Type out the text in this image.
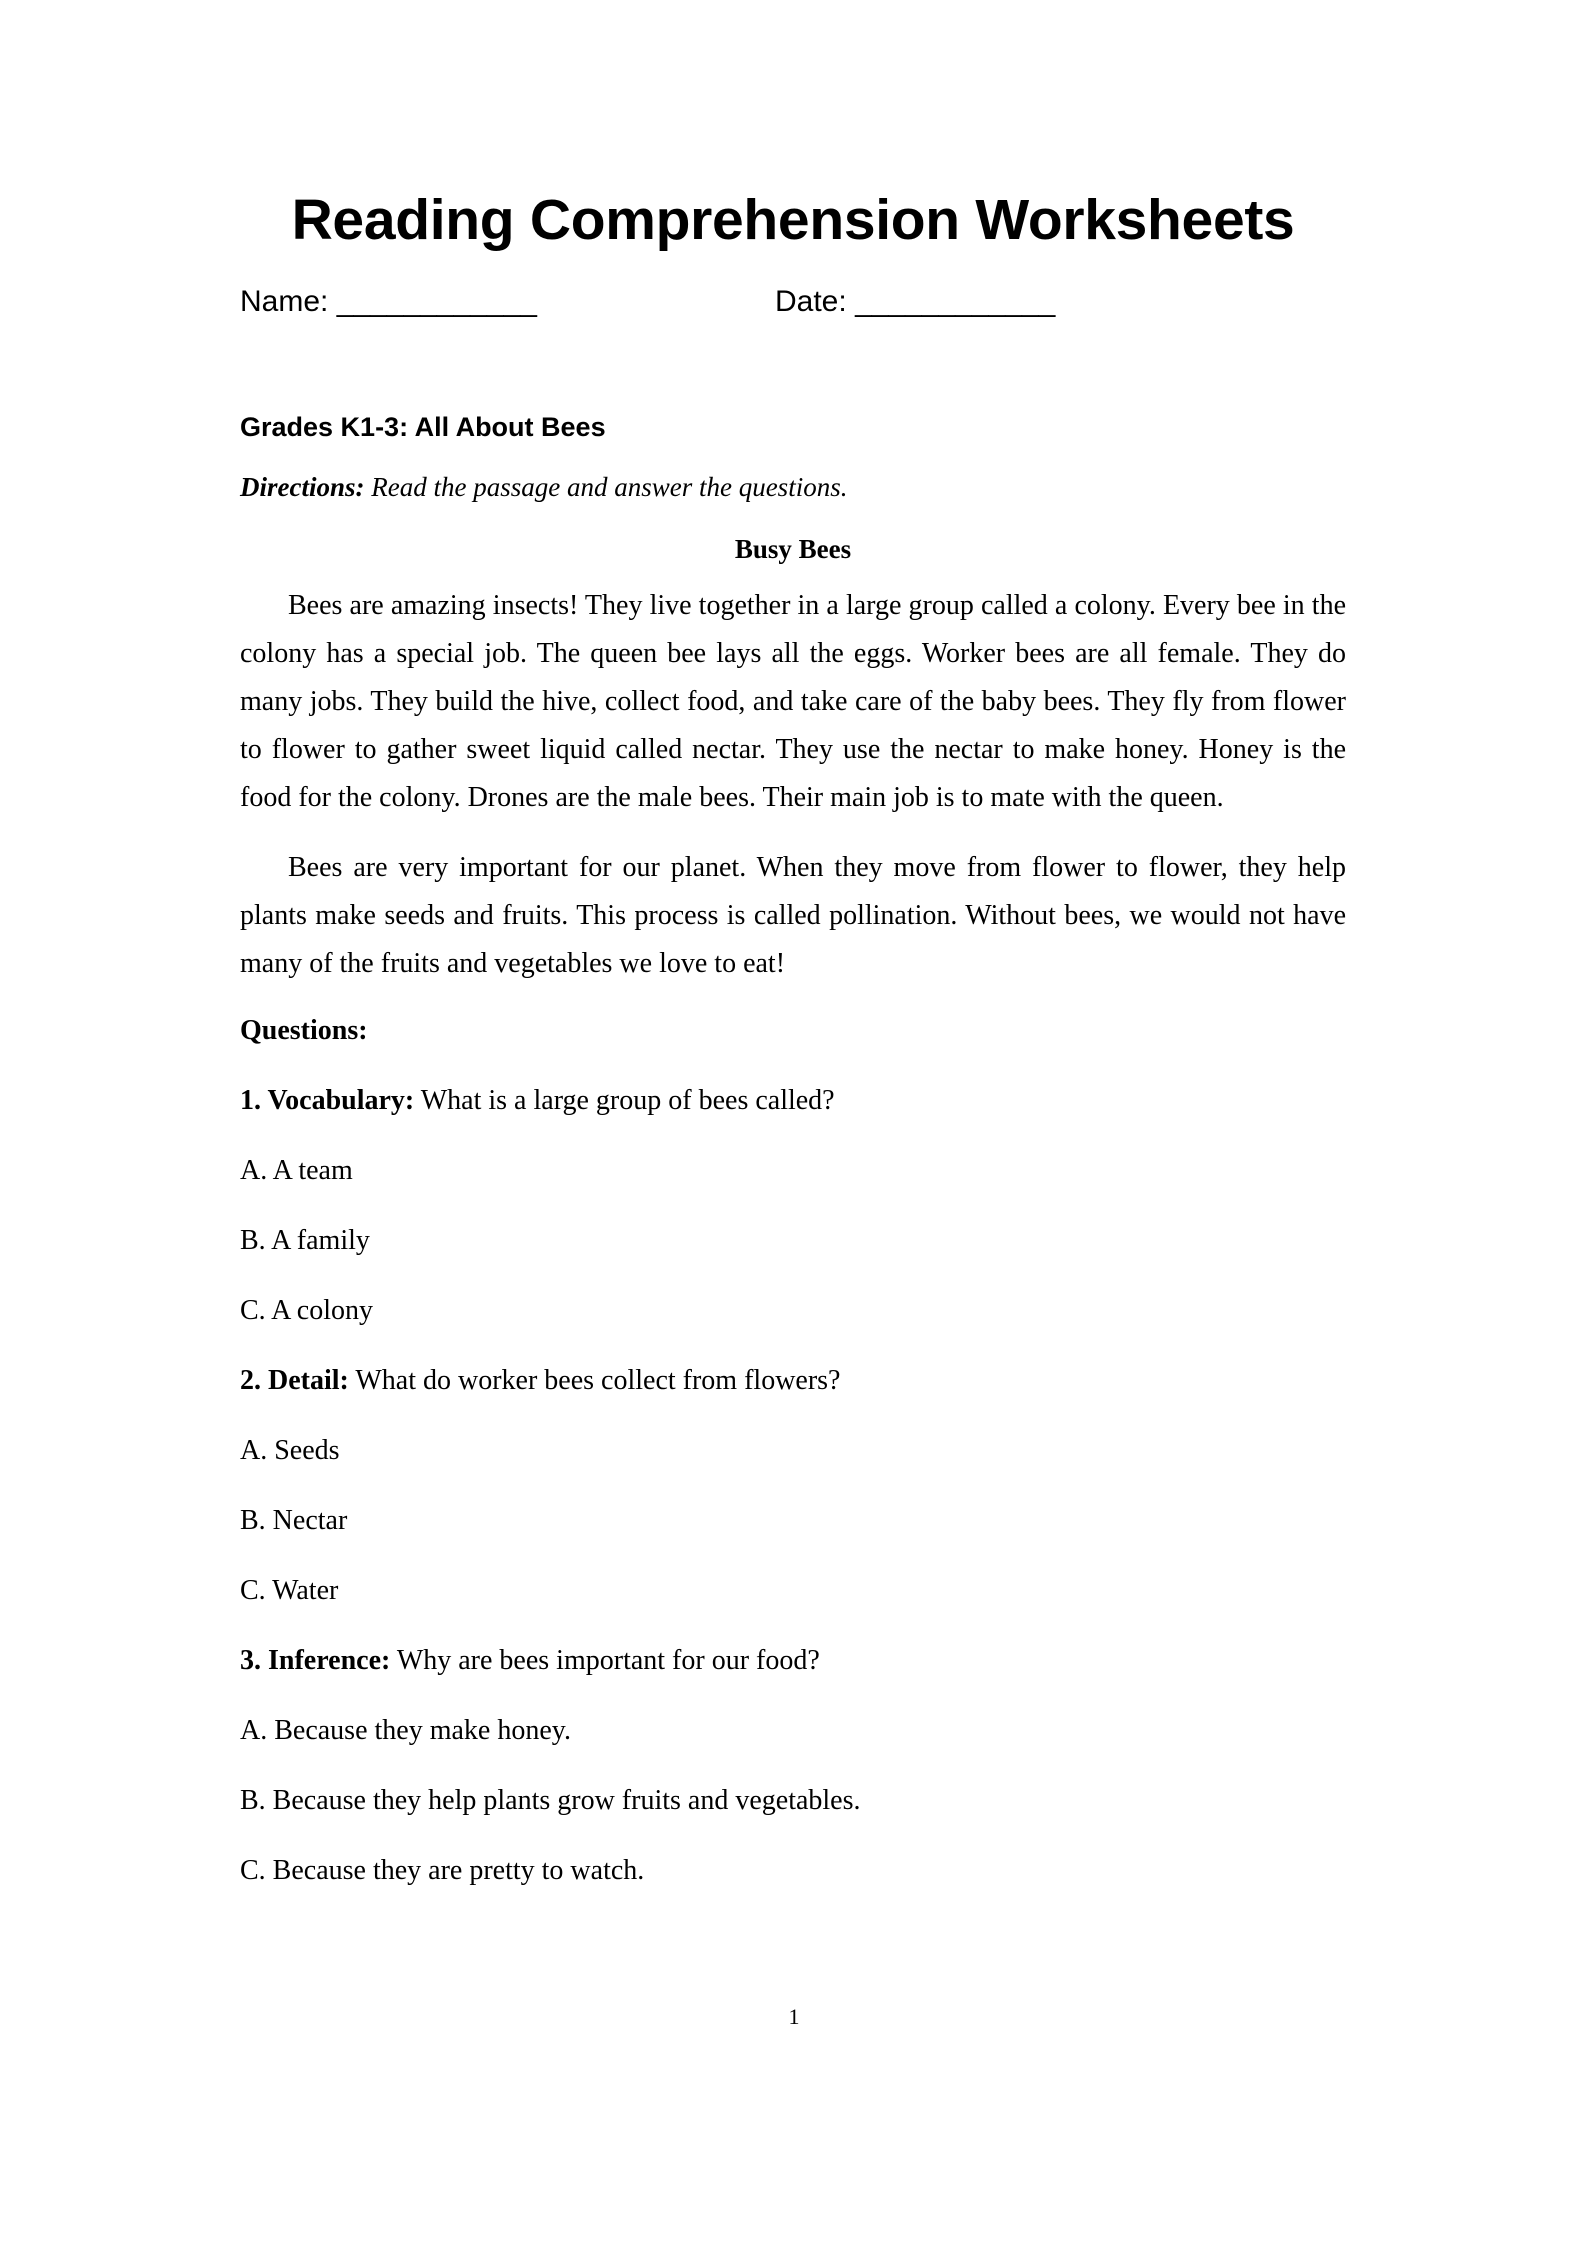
Reading Comprehension Worksheets
Name: ____________	Date: ____________
Grades K1-3: All About Bees

Directions: Read the passage and answer the questions.

Busy Bees

Bees are amazing insects! They live together in a large group called a colony. Every bee in the colony has a special job. The queen bee lays all the eggs. Worker bees are all female. They do many jobs. They build the hive, collect food, and take care of the baby bees. They fly from flower to flower to gather sweet liquid called nectar. They use the nectar to make honey. Honey is the food for the colony. Drones are the male bees. Their main job is to mate with the queen.

Bees are very important for our planet. When they move from flower to flower, they help plants make seeds and fruits. This process is called pollination. Without bees, we would not have many of the fruits and vegetables we love to eat!

Questions:

1. Vocabulary: What is a large group of bees called?

A. A team

B. A family

C. A colony

2. Detail: What do worker bees collect from flowers?

A. Seeds

B. Nectar

C. Water

3. Inference: Why are bees important for our food?

A. Because they make honey.

B. Because they help plants grow fruits and vegetables.

C. Because they are pretty to watch.

1
